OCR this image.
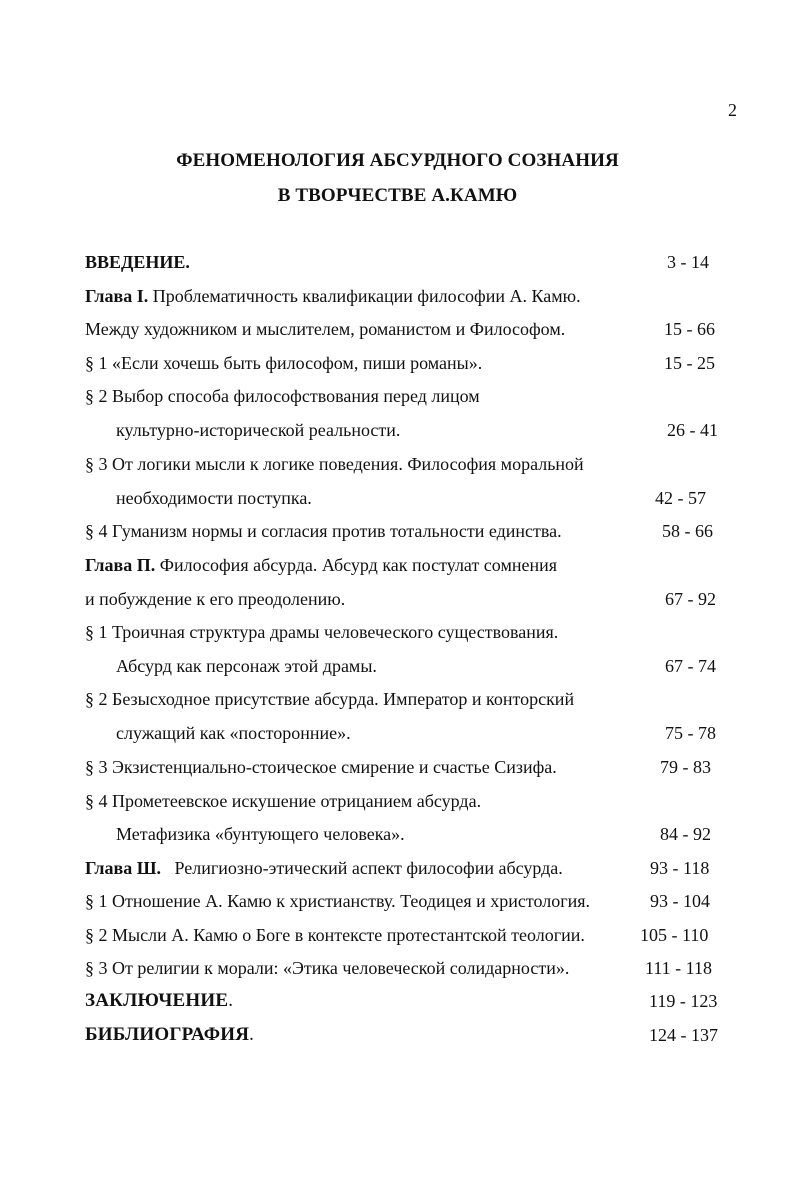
2
ФЕНОМЕНОЛОГИЯ АБСУРДНОГО СОЗНАНИЯ
В ТВОРЧЕСТВЕ А.КАМЮ
ВВЕДЕНИЕ.	3 - 14
Глава I. Проблематичность квалификации философии А. Камю.
Между художником и мыслителем, романистом и Философом.	15 - 66
§ 1 «Если хочешь быть философом, пиши романы».	15 - 25
§ 2 Выбор способа философствования перед лицом
культурно-исторической реальности.	26 - 41
§ 3 От логики мысли к логике поведения. Философия моральной
необходимости поступка.	42 - 57
§ 4 Гуманизм нормы и согласия против тотальности единства.	58 - 66
Глава П. Философия абсурда. Абсурд как постулат сомнения
и побуждение к его преодолению.	67 - 92
§ 1 Троичная структура драмы человеческого существования.
Абсурд как персонаж этой драмы.	67 - 74
§ 2 Безысходное присутствие абсурда. Император и конторский
служащий как «посторонние».	75 - 78
§ 3 Экзистенциально-стоическое смирение и счастье Сизифа.	79 - 83
§ 4 Прометеевское искушение отрицанием абсурда.
Метафизика «бунтующего человека».	84 - 92
Глава Ш. Религиозно-этический аспект философии абсурда.	93 - 118
§ 1 Отношение А. Камю к христианству. Теодицея и христология.	93 - 104
§ 2 Мысли А. Камю о Боге в контексте протестантской теологии.	105 - 110
§ 3 От религии к морали: «Этика человеческой солидарности».	111 - 118
ЗАКЛЮЧЕНИЕ.	119 - 123
БИБЛИОГРАФИЯ.	124 - 137
